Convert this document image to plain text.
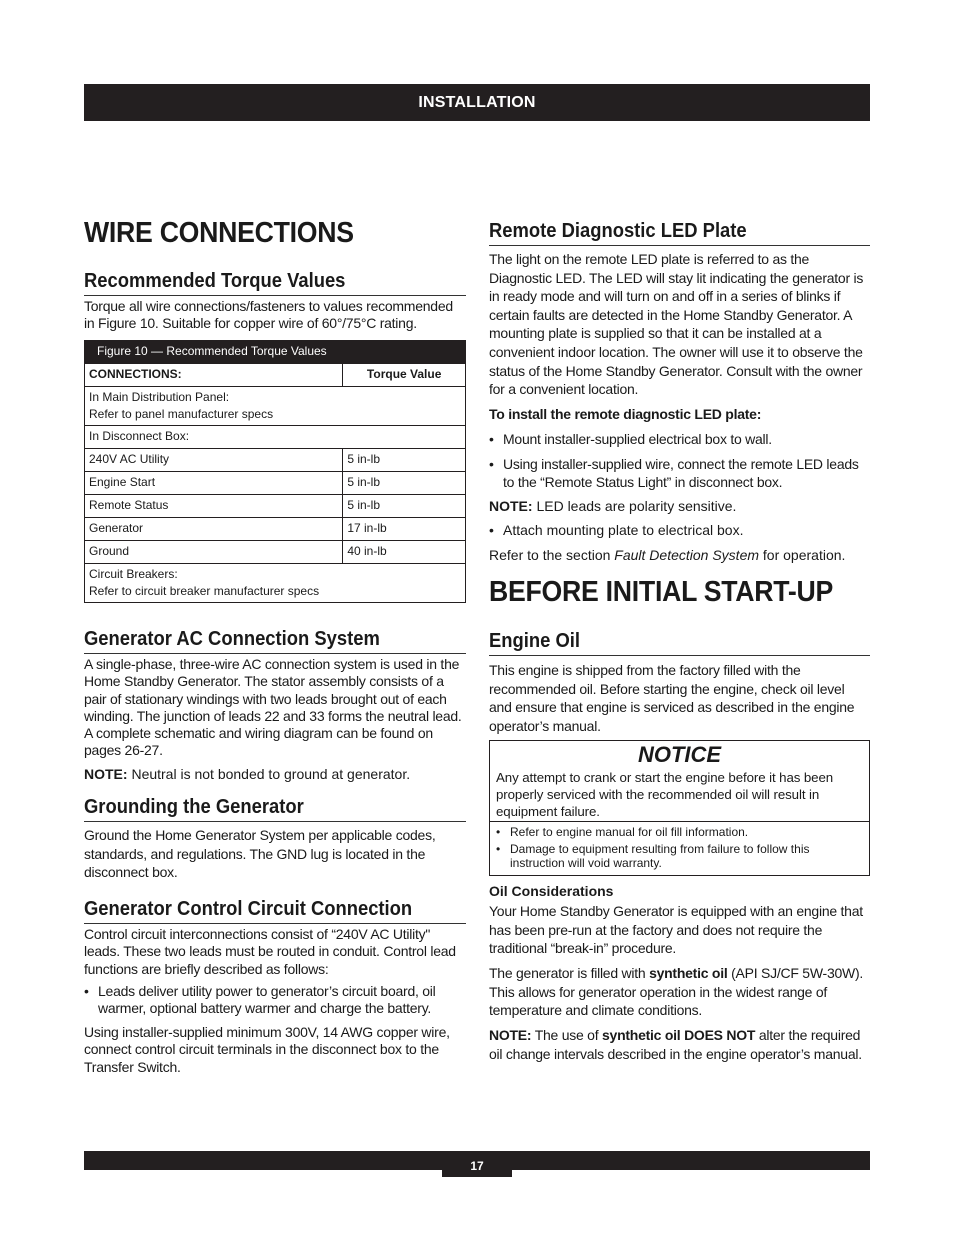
INSTALLATION
WIRE CONNECTIONS
Recommended Torque Values

Torque all wire connections/fasteners to values recommended in Figure 10. Suitable for copper wire of 60°/75°C rating.

Figure 10 — Recommended Torque Values	
CONNECTIONS:	Torque Value

In Main Distribution Panel:
Refer to panel manufacturer specs	

In Disconnect Box:	
240V AC Utility	5 in-lb
Engine Start	5 in-lb
Remote Status	5 in-lb
Generator	17 in-lb
Ground	40 in-lb

Circuit Breakers:
Refer to circuit breaker manufacturer specs	
Generator AC Connection System

A single-phase, three-wire AC connection system is used in the Home Standby Generator. The stator assembly consists of a pair of stationary windings with two leads brought out of each winding. The junction of leads 22 and 33 forms the neutral lead. A complete schematic and wiring diagram can be found on pages 26-27.

NOTE: Neutral is not bonded to ground at generator.

Grounding the Generator

Ground the Home Generator System per applicable codes, standards, and regulations. The GND lug is located in the disconnect box.

Generator Control Circuit Connection

Control circuit interconnections consist of “240V AC Utility" leads. These two leads must be routed in conduit. Control lead functions are briefly described as follows:

• Leads deliver utility power to generator’s circuit board, oil warmer, optional battery warmer and charge the battery.

Using installer-supplied minimum 300V, 14 AWG copper wire, connect control circuit terminals in the disconnect box to the Transfer Switch.

Remote Diagnostic LED Plate

The light on the remote LED plate is referred to as the Diagnostic LED. The LED will stay lit indicating the generator is in ready mode and will turn on and off in a series of blinks if certain faults are detected in the Home Standby Generator. A mounting plate is supplied so that it can be installed at a convenient indoor location. The owner will use it to observe the status of the Home Standby Generator. Consult with the owner for a convenient location.

To install the remote diagnostic LED plate:

• Mount installer-supplied electrical box to wall.
• Using installer-supplied wire, connect the remote LED leads to the “Remote Status Light” in disconnect box.

NOTE: LED leads are polarity sensitive.

• Attach mounting plate to electrical box.

Refer to the section Fault Detection System for operation.

BEFORE INITIAL START-UP
Engine Oil

This engine is shipped from the factory filled with the recommended oil. Before starting the engine, check oil level and ensure that engine is serviced as described in the engine operator’s manual.

NOTICE
Any attempt to crank or start the engine before it has been properly serviced with the recommended oil will result in equipment failure.
• Refer to engine manual for oil fill information.
• Damage to equipment resulting from failure to follow this instruction will void warranty.

Oil Considerations

Your Home Standby Generator is equipped with an engine that has been pre-run at the factory and does not require the traditional “break-in” procedure.

The generator is filled with synthetic oil (API SJ/CF 5W-30W). This allows for generator operation in the widest range of temperature and climate conditions.

NOTE: The use of synthetic oil DOES NOT alter the required oil change intervals described in the engine operator’s manual.

17
